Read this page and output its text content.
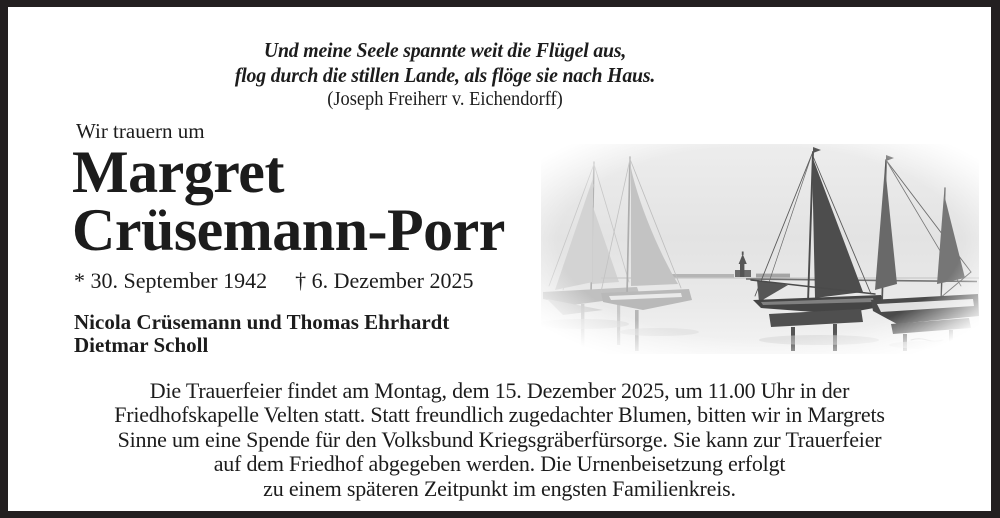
Und meine Seele spannte weit die Flügel aus,
flog durch die stillen Lande, als flöge sie nach Haus.
(Joseph Freiherr v. Eichendorff)
Wir trauern um
Margret
Crüsemann-Porr
* 30. September 1942 † 6. Dezember 2025
Nicola Crüsemann und Thomas Ehrhardt
Dietmar Scholl
Die Trauerfeier findet am Montag, dem 15. Dezember 2025, um 11.00 Uhr in der
Friedhofskapelle Velten statt. Statt freundlich zugedachter Blumen, bitten wir in Margrets
Sinne um eine Spende für den Volksbund Kriegsgräberfürsorge. Sie kann zur Trauerfeier
auf dem Friedhof abgegeben werden. Die Urnenbeisetzung erfolgt
zu einem späteren Zeitpunkt im engsten Familienkreis.
